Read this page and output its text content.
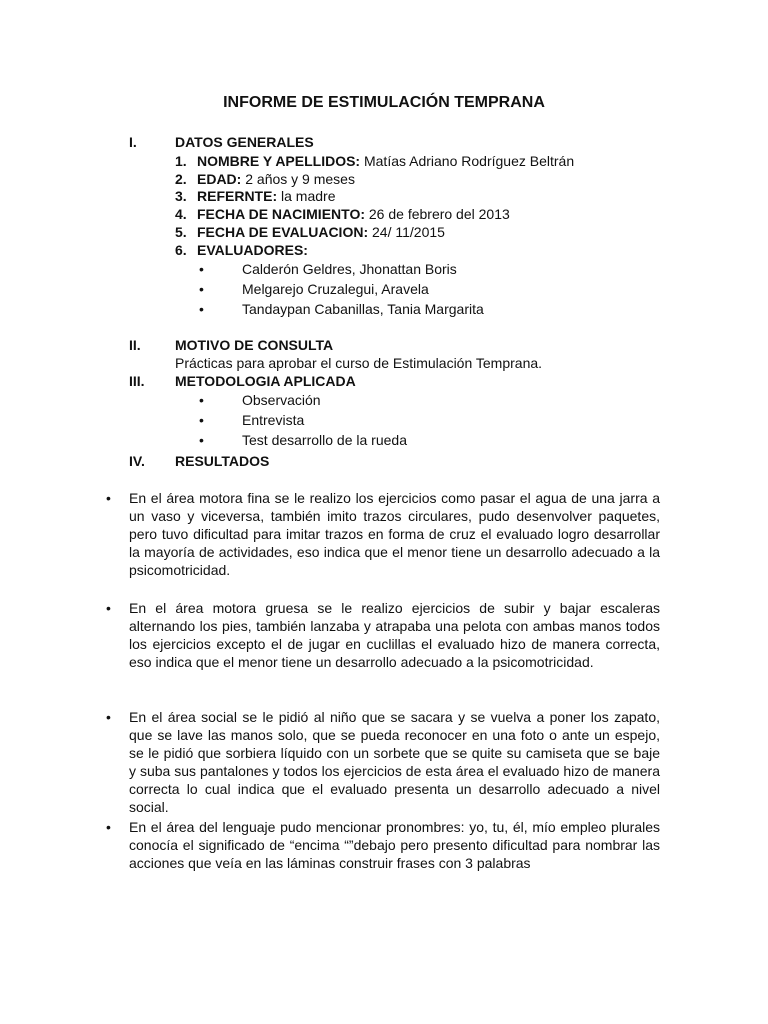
INFORME DE ESTIMULACIÓN TEMPRANA
I.	DATOS GENERALES
1. NOMBRE Y APELLIDOS: Matías Adriano Rodríguez Beltrán
2. EDAD: 2 años y 9 meses
3. REFERNTE: la madre
4. FECHA DE NACIMIENTO: 26 de febrero del 2013
5. FECHA DE EVALUACION: 24/ 11/2015
6. EVALUADORES:
•	Calderón Geldres, Jhonattan Boris
•	Melgarejo Cruzalegui, Aravela
•	Tandaypan Cabanillas, Tania Margarita
II. MOTIVO DE CONSULTA
Prácticas para aprobar el curso de Estimulación Temprana.
III. METODOLOGIA APLICADA
•	Observación
•	Entrevista
•	Test desarrollo de la rueda
IV. RESULTADOS
• En el área motora fina se le realizo los ejercicios como pasar el agua de una jarra a un vaso y viceversa, también imito trazos circulares, pudo desenvolver paquetes, pero tuvo dificultad para imitar trazos en forma de cruz el evaluado logro desarrollar la mayoría de actividades, eso indica que el menor tiene un desarrollo adecuado a la psicomotricidad.
• En el área motora gruesa se le realizo ejercicios de subir y bajar escaleras alternando los pies, también lanzaba y atrapaba una pelota con ambas manos todos los ejercicios excepto el de jugar en cuclillas el evaluado hizo de manera correcta, eso indica que el menor tiene un desarrollo adecuado a la psicomotricidad.
• En el área social se le pidió al niño que se sacara y se vuelva a poner los zapato, que se lave las manos solo, que se pueda reconocer en una foto o ante un espejo, se le pidió que sorbiera líquido con un sorbete que se quite su camiseta que se baje y suba sus pantalones y todos los ejercicios de esta área el evaluado hizo de manera correcta lo cual indica que el evaluado presenta un desarrollo adecuado a nivel social.
• En el área del lenguaje pudo mencionar pronombres: yo, tu, él, mío empleo plurales conocía el significado de “encima “”debajo pero presento dificultad para nombrar las acciones que veía en las láminas construir frases con 3 palabras
